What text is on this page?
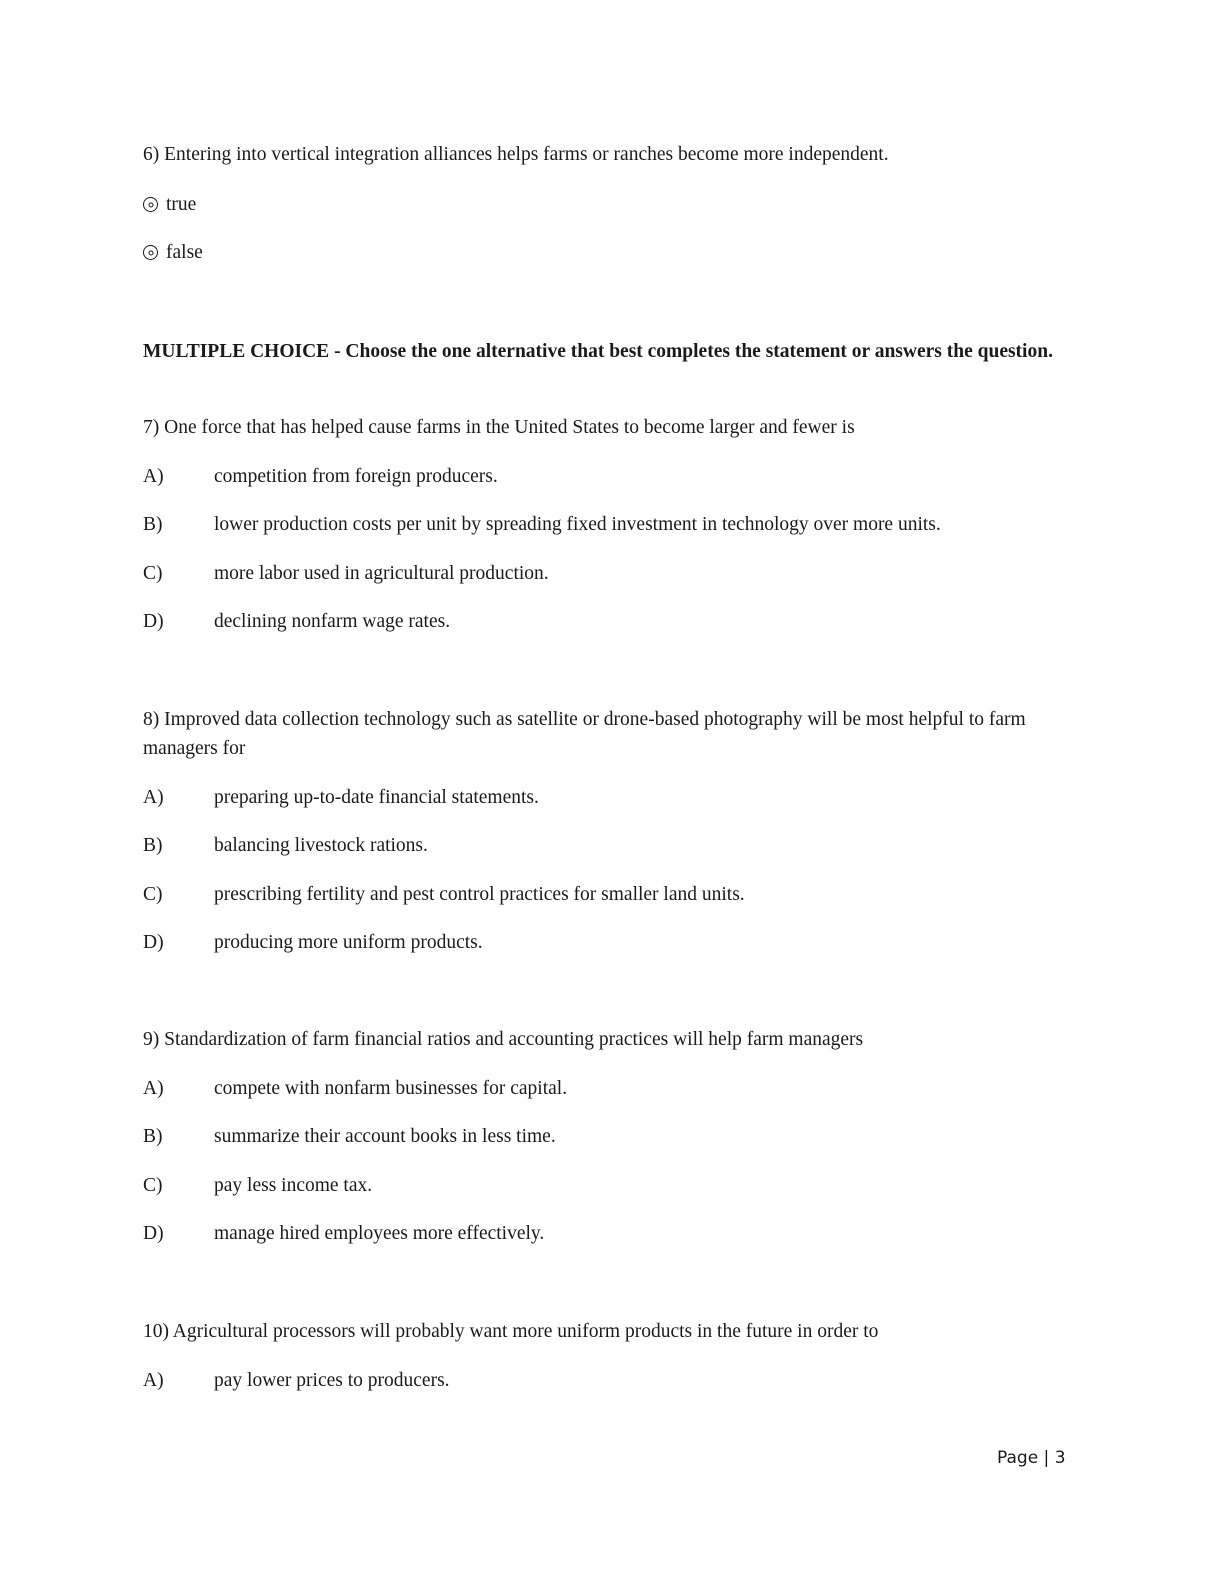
6) Entering into vertical integration alliances helps farms or ranches become more independent.
true
false
MULTIPLE CHOICE - Choose the one alternative that best completes the statement or answers the question.
7) One force that has helped cause farms in the United States to become larger and fewer is
A)	competition from foreign producers.
B)	lower production costs per unit by spreading fixed investment in technology over more units.
C)	more labor used in agricultural production.
D)	declining nonfarm wage rates.
8) Improved data collection technology such as satellite or drone-based photography will be most helpful to farm managers for
A)	preparing up-to-date financial statements.
B)	balancing livestock rations.
C)	prescribing fertility and pest control practices for smaller land units.
D)	producing more uniform products.
9) Standardization of farm financial ratios and accounting practices will help farm managers
A)	compete with nonfarm businesses for capital.
B)	summarize their account books in less time.
C)	pay less income tax.
D)	manage hired employees more effectively.
10) Agricultural processors will probably want more uniform products in the future in order to
A)	pay lower prices to producers.
Page | 3
